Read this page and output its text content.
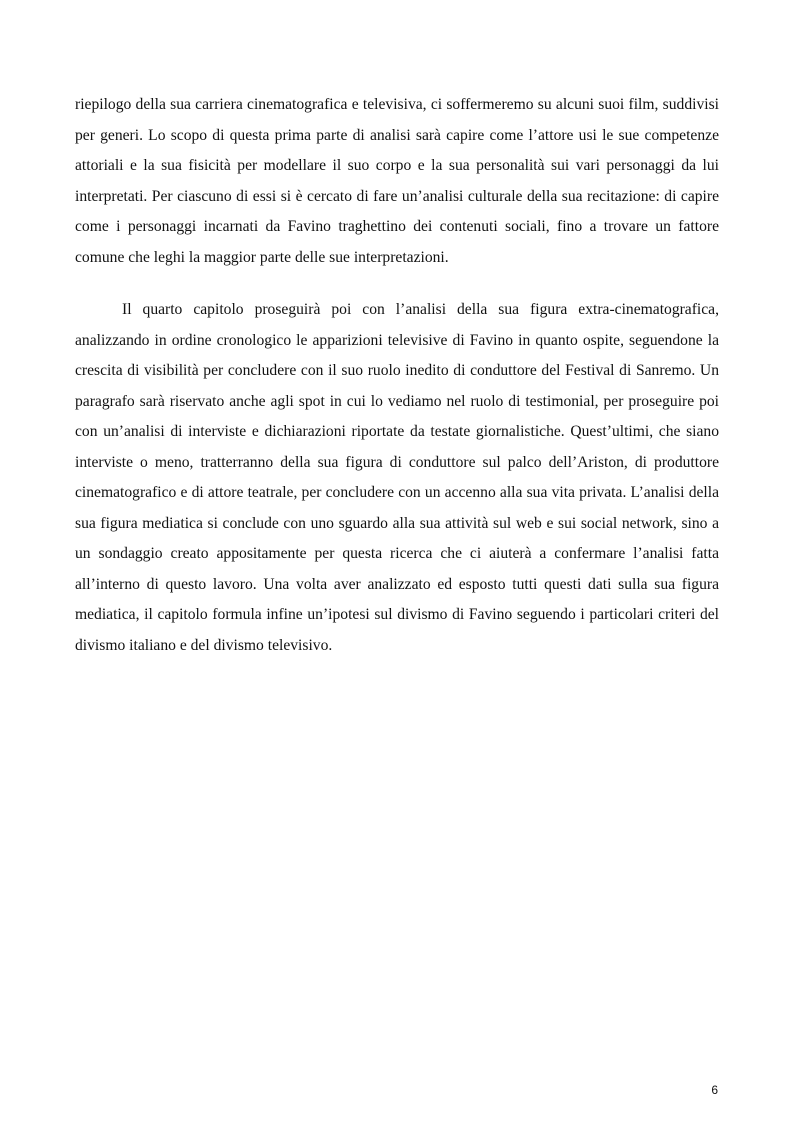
riepilogo della sua carriera cinematografica e televisiva, ci soffermeremo su alcuni suoi film, suddivisi per generi. Lo scopo di questa prima parte di analisi sarà capire come l’attore usi le sue competenze attoriali e la sua fisicità per modellare il suo corpo e la sua personalità sui vari personaggi da lui interpretati. Per ciascuno di essi si è cercato di fare un’analisi culturale della sua recitazione: di capire come i personaggi incarnati da Favino traghettino dei contenuti sociali, fino a trovare un fattore comune che leghi la maggior parte delle sue interpretazioni.

Il quarto capitolo proseguirà poi con l’analisi della sua figura extra-cinematografica, analizzando in ordine cronologico le apparizioni televisive di Favino in quanto ospite, seguendone la crescita di visibilità per concludere con il suo ruolo inedito di conduttore del Festival di Sanremo. Un paragrafo sarà riservato anche agli spot in cui lo vediamo nel ruolo di testimonial, per proseguire poi con un’analisi di interviste e dichiarazioni riportate da testate giornalistiche. Quest’ultimi, che siano interviste o meno, tratterranno della sua figura di conduttore sul palco dell’Ariston, di produttore cinematografico e di attore teatrale, per concludere con un accenno alla sua vita privata. L’analisi della sua figura mediatica si conclude con uno sguardo alla sua attività sul web e sui social network, sino a un sondaggio creato appositamente per questa ricerca che ci aiuterà a confermare l’analisi fatta all’interno di questo lavoro. Una volta aver analizzato ed esposto tutti questi dati sulla sua figura mediatica, il capitolo formula infine un’ipotesi sul divismo di Favino seguendo i particolari criteri del divismo italiano e del divismo televisivo.

6
